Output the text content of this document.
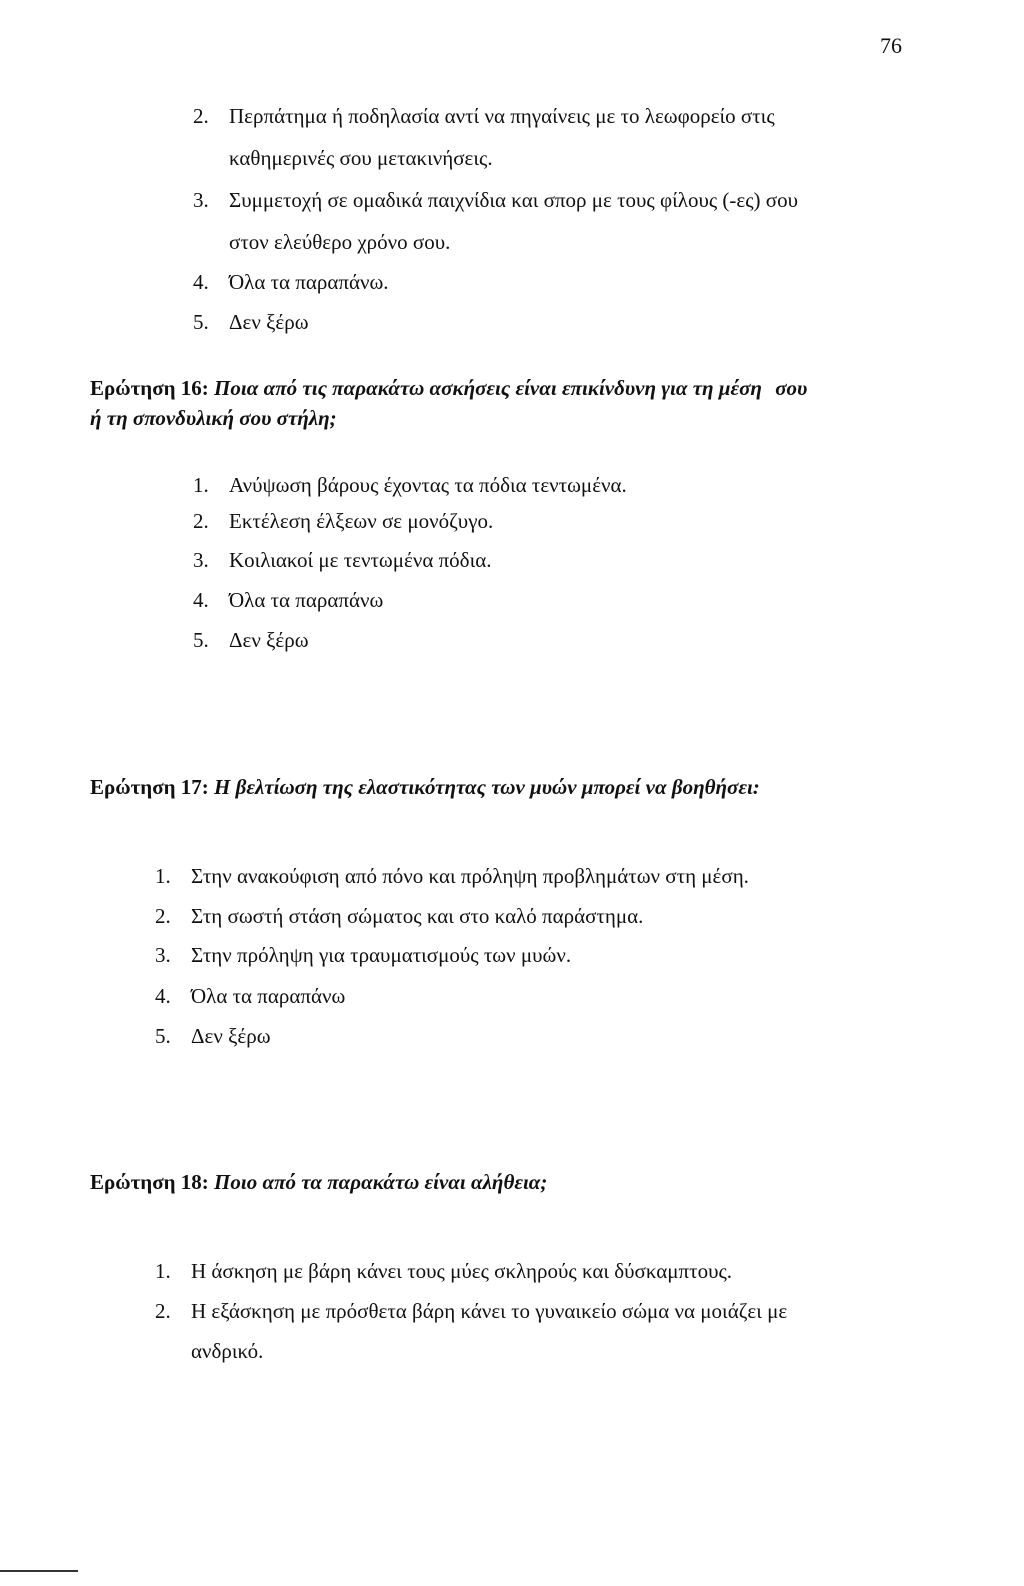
76
2. Περπάτημα ή ποδηλασία αντί να πηγαίνεις με το λεωφορείο στις
καθημερινές σου μετακινήσεις.
3. Συμμετοχή σε ομαδικά παιχνίδια και σπορ με τους φίλους (-ες) σου
στον ελεύθερο χρόνο σου.
4. Όλα τα παραπάνω.
5. Δεν ξέρω
Ερώτηση 16: Ποια από τις παρακάτω ασκήσεις είναι επικίνδυνη για τη μέση σου
ή τη σπονδυλική σου στήλη;
1. Ανύψωση βάρους έχοντας τα πόδια τεντωμένα.
2. Εκτέλεση έλξεων σε μονόζυγο.
3. Κοιλιακοί με τεντωμένα πόδια.
4. Όλα τα παραπάνω
5. Δεν ξέρω
Ερώτηση 17: Η βελτίωση της ελαστικότητας των μυών μπορεί να βοηθήσει:
1. Στην ανακούφιση από πόνο και πρόληψη προβλημάτων στη μέση.
2. Στη σωστή στάση σώματος και στο καλό παράστημα.
3. Στην πρόληψη για τραυματισμούς των μυών.
4. Όλα τα παραπάνω
5. Δεν ξέρω
Ερώτηση 18: Ποιο από τα παρακάτω είναι αλήθεια;
1. Η άσκηση με βάρη κάνει τους μύες σκληρούς και δύσκαμπτους.
2. Η εξάσκηση με πρόσθετα βάρη κάνει το γυναικείο σώμα να μοιάζει με
ανδρικό.
